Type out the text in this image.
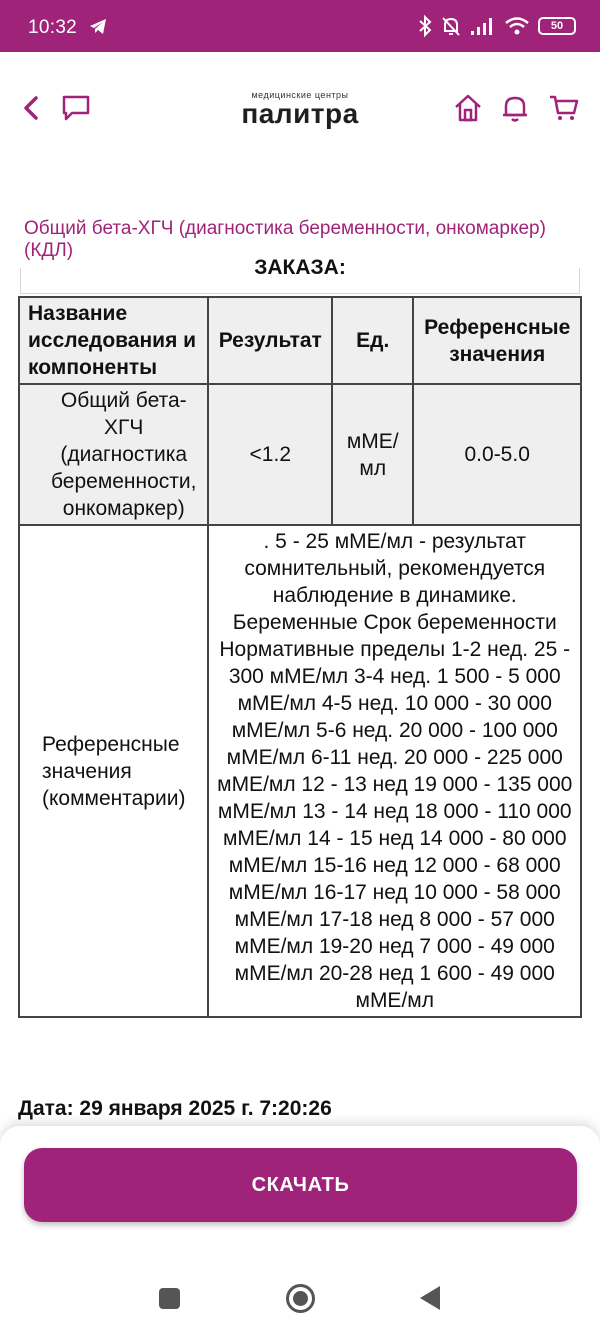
10:32	50
медицинские центры
палитра
Общий бета-ХГЧ (диагностика беременности, онкомаркер) (КДЛ)
ЗАКАЗА:
Название исследования и компоненты	Результат	Ед.	Референсные значения
Общий бета-ХГЧ (диагностика беременности, онкомаркер)	<1.2	мМЕ/мл	0.0-5.0
Референсные значения (комментарии)	. 5 - 25 мМЕ/мл - результат сомнительный, рекомендуется наблюдение в динамике. Беременные Срок беременности Нормативные пределы 1-2 нед. 25 - 300 мМЕ/мл 3-4 нед. 1 500 - 5 000 мМЕ/мл 4-5 нед. 10 000 - 30 000 мМЕ/мл 5-6 нед. 20 000 - 100 000 мМЕ/мл 6-11 нед. 20 000 - 225 000 мМЕ/мл 12 - 13 нед 19 000 - 135 000 мМЕ/мл 13 - 14 нед 18 000 - 110 000 мМЕ/мл 14 - 15 нед 14 000 - 80 000 мМЕ/мл 15-16 нед 12 000 - 68 000 мМЕ/мл 16-17 нед 10 000 - 58 000 мМЕ/мл 17-18 нед 8 000 - 57 000 мМЕ/мл 19-20 нед 7 000 - 49 000 мМЕ/мл 20-28 нед 1 600 - 49 000 мМЕ/мл		
Дата: 29 января 2025 г. 7:20:26
СКАЧАТЬ
